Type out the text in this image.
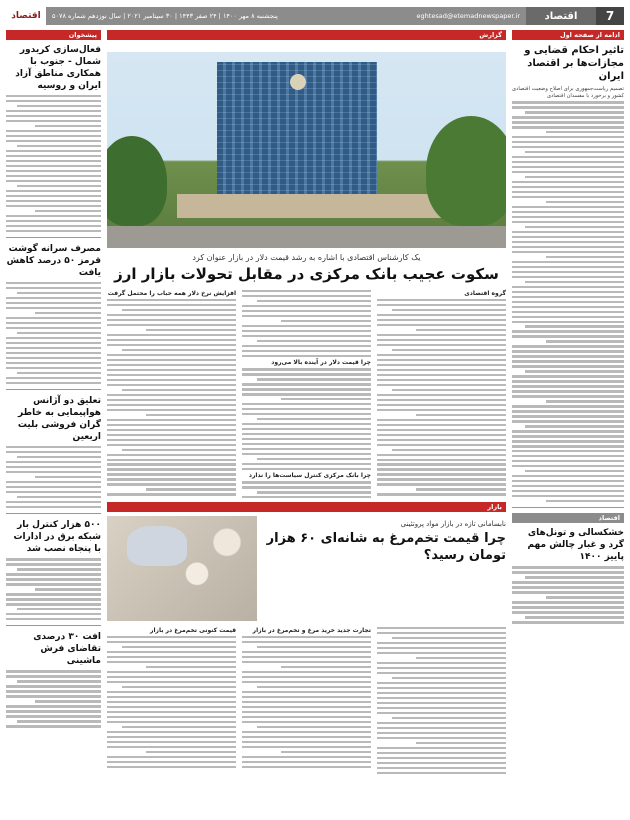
7
اقتصاد
eghtesad@etemadnewspaper.ir
پنجشنبه ۸ مهر ۱۴۰۰ | ۲۴ صفر ۱۴۴۳ | ۳۰ سپتامبر ۲۰۲۱ | سال نوزدهم شماره ۵۰۷۸
اقتصاد
ادامه از صفحه اول
تاثیر احکام قضایی و مجازات‌ها بر اقتصاد ایران
تصمیم ریاست‌جمهوری برای اصلاح وضعیت اقتصادی کشور و برخورد با مفسدان اقتصادی
اقتصاد
خشکسالی و تونل‌های گرد و غبار چالش مهم پاییز ۱۴۰۰
پیشخوان
فعال‌سازی کریدور شمال - جنوب با همکاری مناطق آزاد ایران و روسیه
مصرف سرانه گوشت قرمز ۵۰ درصد کاهش یافت
تعلیق دو آژانس هواپیمایی به خاطر گران فروشی بلیت اربعین
۵۰۰ هزار کنترل بار شبکه برق در ادارات با پنجاه نصب شد
افت ۳۰ درصدی تقاضای فرش ماشینی
گزارش
یک کارشناس اقتصادی با اشاره به رشد قیمت دلار در بازار عنوان کرد
سکوت عجیب بانک مرکزی در مقابل تحولات بازار ارز
گروه اقتصادی
چرا قیمت دلار در آینده بالا می‌رود
چرا بانک مرکزی کنترل سیاست‌ها را ندارد
افزایش نرخ دلار همه حباب را محتمل گرفت
بازار
نابسامانی تازه در بازار مواد پروتئینی
چرا قیمت تخم‌مرغ به شانه‌ای ۶۰ هزار تومان رسید؟
تجارت جدید خرید مرغ و تخم‌مرغ در بازار
قیمت کنونی تخم‌مرغ در بازار
